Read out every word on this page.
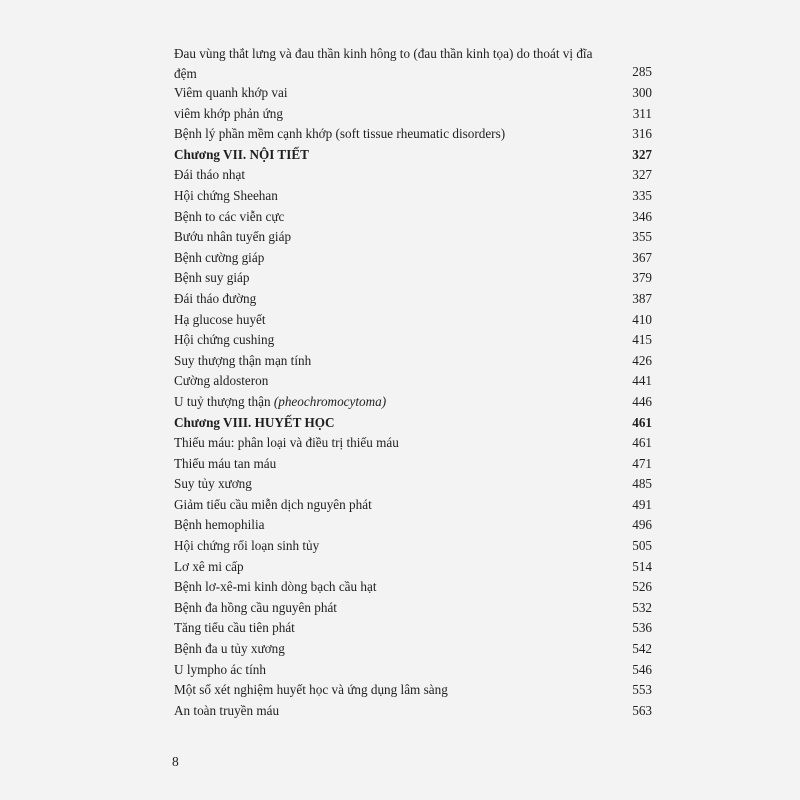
Đau vùng thắt lưng và đau thần kinh hông to (đau thần kinh tọa) do thoát vị đĩa đệm	285
Viêm quanh khớp vai	300
viêm khớp phản ứng	311
Bệnh lý phần mềm cạnh khớp (soft tissue rheumatic disorders)	316
Chương VII. NỘI TIẾT	327
Đái tháo nhạt	327
Hội chứng Sheehan	335
Bệnh to các viễn cực	346
Bướu nhân tuyến giáp	355
Bệnh cường giáp	367
Bệnh suy giáp	379
Đái tháo đường	387
Hạ glucose huyết	410
Hội chứng cushing	415
Suy thượng thận mạn tính	426
Cường aldosteron	441
U tuỷ thượng thận (pheochromocytoma)	446
Chương VIII. HUYẾT HỌC	461
Thiếu máu: phân loại và điều trị thiếu máu	461
Thiếu máu tan máu	471
Suy tủy xương	485
Giảm tiểu cầu miễn dịch nguyên phát	491
Bệnh hemophilia	496
Hội chứng rối loạn sinh tủy	505
Lơ xê mi cấp	514
Bệnh lơ-xê-mi kinh dòng bạch cầu hạt	526
Bệnh đa hồng cầu nguyên phát	532
Tăng tiểu cầu tiên phát	536
Bệnh đa u tủy xương	542
U lympho ác tính	546
Một số xét nghiệm huyết học và ứng dụng lâm sàng	553
An toàn truyền máu	563
8
